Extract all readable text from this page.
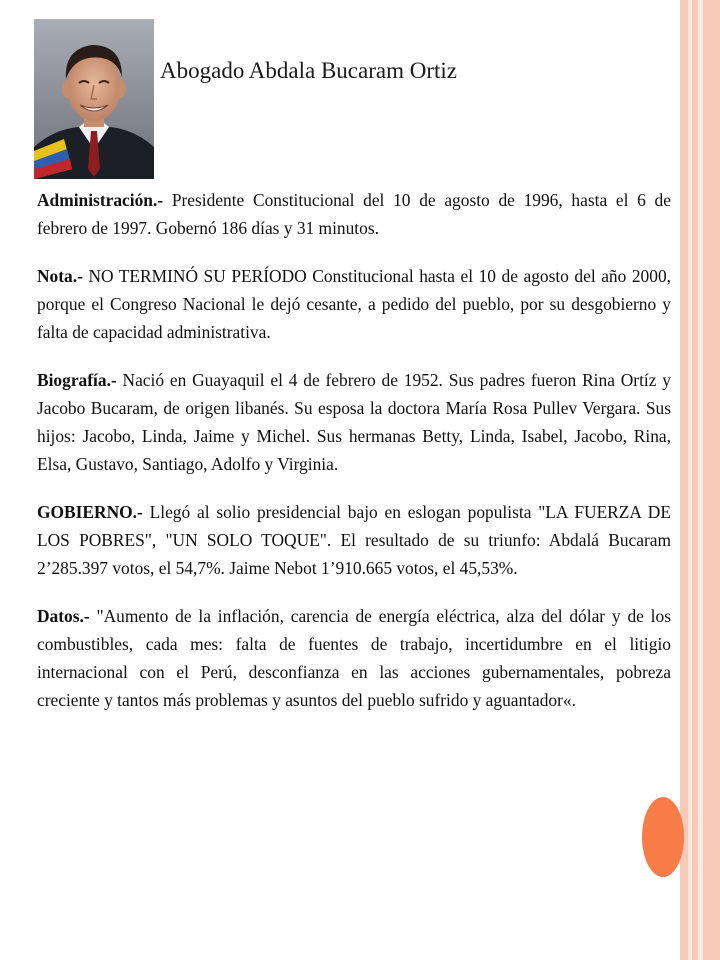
Abogado Abdala Bucaram Ortiz

Administración.- Presidente Constitucional del 10 de agosto de 1996, hasta el 6 de febrero de 1997. Gobernó 186 días y 31 minutos.

Nota.- NO TERMINÓ SU PERÍODO Constitucional hasta el 10 de agosto del año 2000, porque el Congreso Nacional le dejó cesante, a pedido del pueblo, por su desgobierno y falta de capacidad administrativa.

Biografía.- Nació en Guayaquil el 4 de febrero de 1952. Sus padres fueron Rina Ortíz y Jacobo Bucaram, de origen libanés. Su esposa la doctora María Rosa Pullev Vergara. Sus hijos: Jacobo, Linda, Jaime y Michel. Sus hermanas Betty, Linda, Isabel, Jacobo, Rina, Elsa, Gustavo, Santiago, Adolfo y Virginia.

GOBIERNO.- Llegó al solio presidencial bajo en eslogan populista "LA FUERZA DE LOS POBRES", "UN SOLO TOQUE". El resultado de su triunfo: Abdalá Bucaram 2’285.397 votos, el 54,7%. Jaime Nebot 1’910.665 votos, el 45,53%.

Datos.- "Aumento de la inflación, carencia de energía eléctrica, alza del dólar y de los combustibles, cada mes: falta de fuentes de trabajo, incertidumbre en el litigio internacional con el Perú, desconfianza en las acciones gubernamentales, pobreza creciente y tantos más problemas y asuntos del pueblo sufrido y aguantador«.
